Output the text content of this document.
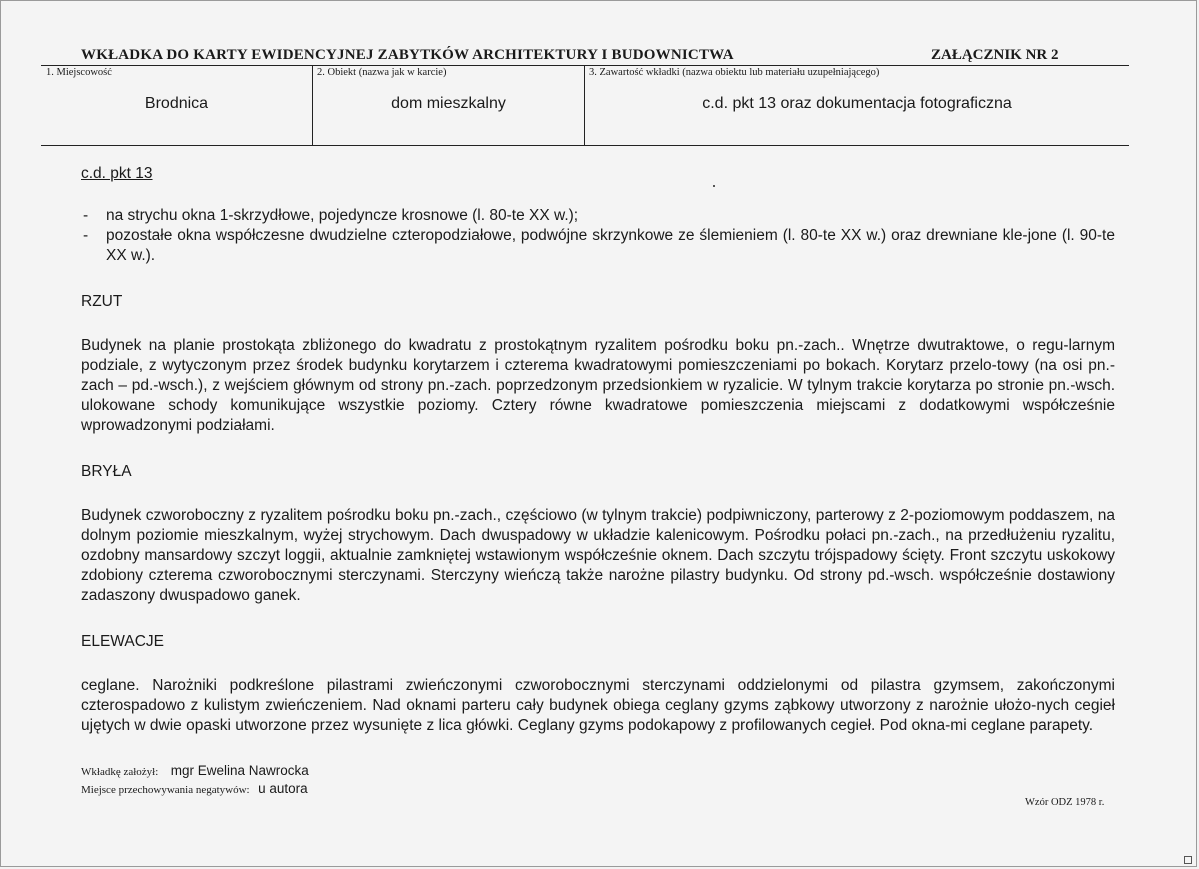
WKŁADKA DO KARTY EWIDENCYJNEJ ZABYTKÓW ARCHITEKTURY I BUDOWNICTWA	ZAŁĄCZNIK NR 2
1. Miejscowość
Brodnica
2. Obiekt (nazwa jak w karcie)
dom mieszkalny
3. Zawartość wkładki (nazwa obiektu lub materiału uzupełniającego)
c.d. pkt 13 oraz dokumentacja fotograficzna

c.d. pkt 13

- na strychu okna 1-skrzydłowe, pojedyncze krosnowe (l. 80-te XX w.);
- pozostałe okna współczesne dwudzielne czteropodziałowe, podwójne skrzynkowe ze ślemieniem (l. 80-te XX w.) oraz drewniane kle-jone (l. 90-te XX w.).
RZUT

Budynek na planie prostokąta zbliżonego do kwadratu z prostokątnym ryzalitem pośrodku boku pn.-zach.. Wnętrze dwutraktowe, o regu-larnym podziale, z wytyczonym przez środek budynku korytarzem i czterema kwadratowymi pomieszczeniami po bokach. Korytarz przelo-towy (na osi pn.-zach – pd.-wsch.), z wejściem głównym od strony pn.-zach. poprzedzonym przedsionkiem w ryzalicie. W tylnym trakcie korytarza po stronie pn.-wsch. ulokowane schody komunikujące wszystkie poziomy. Cztery równe kwadratowe pomieszczenia miejscami z dodatkowymi współcześnie wprowadzonymi podziałami.

BRYŁA

Budynek czworoboczny z ryzalitem pośrodku boku pn.-zach., częściowo (w tylnym trakcie) podpiwniczony, parterowy z 2-poziomowym poddaszem, na dolnym poziomie mieszkalnym, wyżej strychowym. Dach dwuspadowy w układzie kalenicowym. Pośrodku połaci pn.-zach., na przedłużeniu ryzalitu, ozdobny mansardowy szczyt loggii, aktualnie zamkniętej wstawionym współcześnie oknem. Dach szczytu trójspadowy ścięty. Front szczytu uskokowy zdobiony czterema czworobocznymi sterczynami. Sterczyny wieńczą także narożne pilastry budynku. Od strony pd.-wsch. współcześnie dostawiony zadaszony dwuspadowo ganek.

ELEWACJE

ceglane. Narożniki podkreślone pilastrami zwieńczonymi czworobocznymi sterczynami oddzielonymi od pilastra gzymsem, zakończonymi czterospadowo z kulistym zwieńczeniem. Nad oknami parteru cały budynek obiega ceglany gzyms ząbkowy utworzony z narożnie ułożo-nych cegieł ujętych w dwie opaski utworzone przez wysunięte z lica główki. Ceglany gzyms podokapowy z profilowanych cegieł. Pod okna-mi ceglane parapety.

Wkładkę założył: mgr Ewelina Nawrocka
Miejsce przechowywania negatywów: u autora
Wzór ODZ 1978 r.
